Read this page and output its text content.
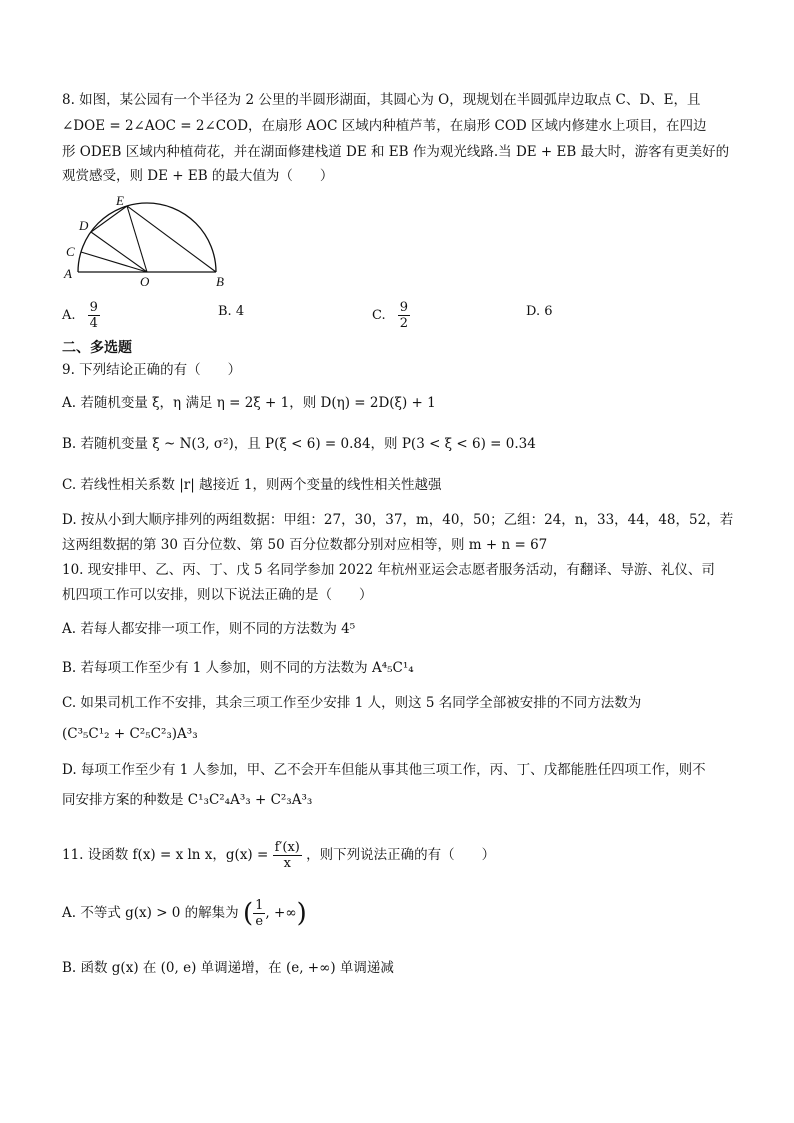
8. 如图，某公园有一个半径为 2 公里的半圆形湖面，其圆心为 O，现规划在半圆弧岸边取点 C、D、E，且
∠DOE = 2∠AOC = 2∠COD，在扇形 AOC 区域内种植芦苇，在扇形 COD 区域内修建水上项目，在四边
形 ODEB 区域内种植荷花，并在湖面修建栈道 DE 和 EB 作为观光线路.当 DE + EB 最大时，游客有更美好的
观赏感受，则 DE + EB 的最大值为（　　）
A
C
D
E
O	B
A. $\frac{9}{4}$	B. 4	C. $\frac{9}{2}$	D. 6
二、多选题
9. 下列结论正确的有（　　）
A. 若随机变量 ξ，η 满足 η = 2ξ + 1，则 D(η) = 2D(ξ) + 1
B. 若随机变量 ξ ~ N(3, σ²)，且 P(ξ < 6) = 0.84，则 P(3 < ξ < 6) = 0.34
C. 若线性相关系数 |r| 越接近 1，则两个变量的线性相关性越强
D. 按从小到大顺序排列的两组数据：甲组：27，30，37，m，40，50；乙组：24，n，33，44，48，52，若
这两组数据的第 30 百分位数、第 50 百分位数都分别对应相等，则 m + n = 67
10. 现安排甲、乙、丙、丁、戊 5 名同学参加 2022 年杭州亚运会志愿者服务活动，有翻译、导游、礼仪、司
机四项工作可以安排，则以下说法正确的是（　　）
A. 若每人都安排一项工作，则不同的方法数为 4⁵
B. 若每项工作至少有 1 人参加，则不同的方法数为 A⁴₅C¹₄
C. 如果司机工作不安排，其余三项工作至少安排 1 人，则这 5 名同学全部被安排的不同方法数为
(C³₅C¹₂ + C²₅C²₃)A³₃
D. 每项工作至少有 1 人参加，甲、乙不会开车但能从事其他三项工作，丙、丁、戊都能胜任四项工作，则不
同安排方案的种数是 C¹₃C²₄A³₃ + C²₃A³₃
11. 设函数 f(x) = x ln x，$g(x) = \frac{f'(x)}{x}$ ，则下列说法正确的有（　　）
A. 不等式 g(x) > 0 的解集为 ( $\frac{1}{e}$ , +∞)
B. 函数 g(x) 在 (0, e) 单调递增，在 (e, +∞) 单调递减
